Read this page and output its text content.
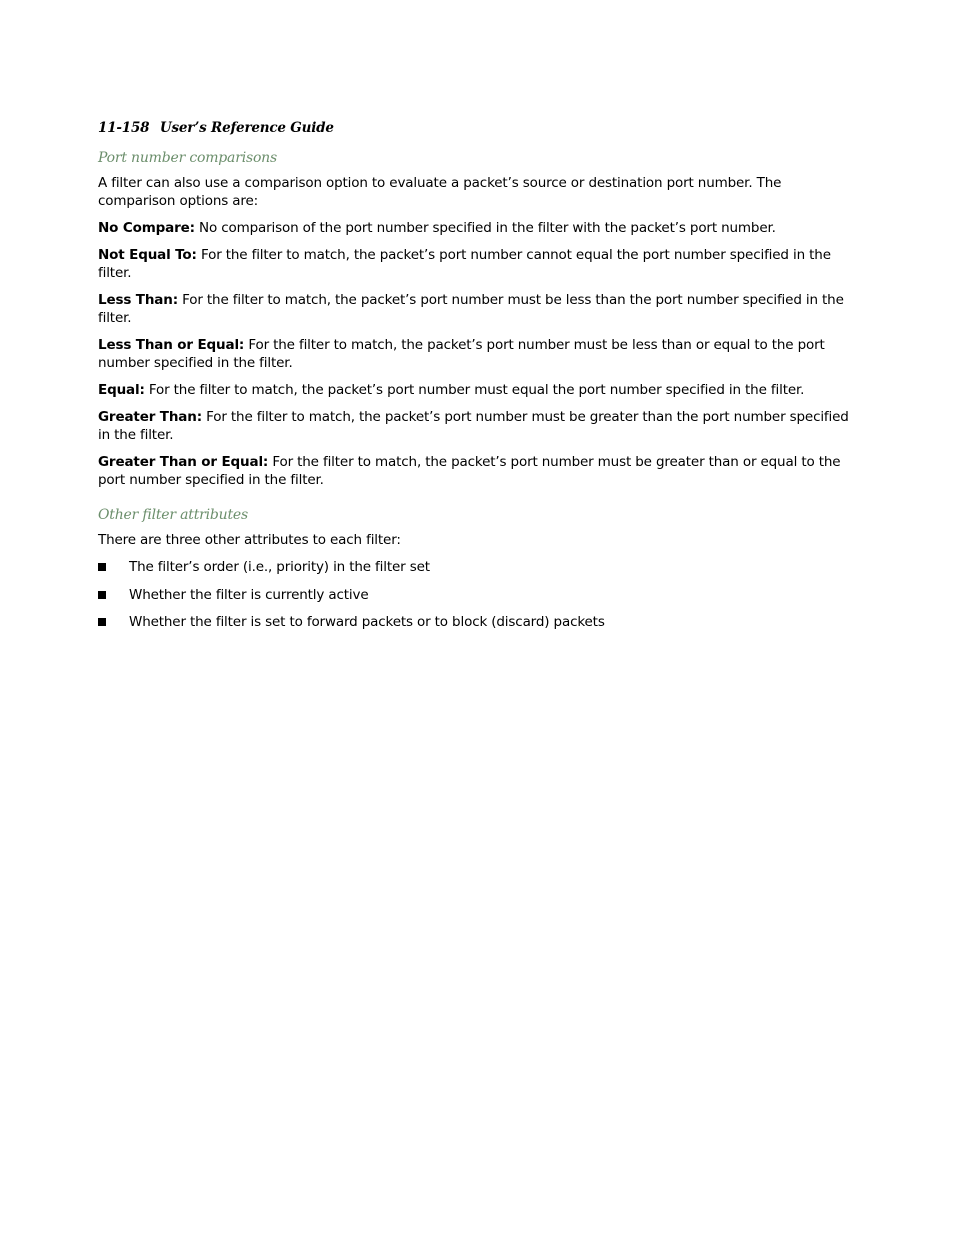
11-158 User’s Reference Guide
Port number comparisons

A filter can also use a comparison option to evaluate a packet’s source or destination port number. The comparison options are:

No Compare: No comparison of the port number specified in the filter with the packet’s port number.

Not Equal To: For the filter to match, the packet’s port number cannot equal the port number specified in the filter.

Less Than: For the filter to match, the packet’s port number must be less than the port number specified in the filter.

Less Than or Equal: For the filter to match, the packet’s port number must be less than or equal to the port number specified in the filter.

Equal: For the filter to match, the packet’s port number must equal the port number specified in the filter.

Greater Than: For the filter to match, the packet’s port number must be greater than the port number specified in the filter.

Greater Than or Equal: For the filter to match, the packet’s port number must be greater than or equal to the port number specified in the filter.

Other filter attributes

There are three other attributes to each filter:

The filter’s order (i.e., priority) in the filter set
Whether the filter is currently active
Whether the filter is set to forward packets or to block (discard) packets
